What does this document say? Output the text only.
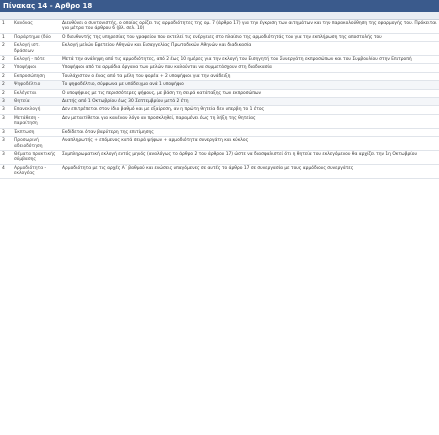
Πίνακας 14 - Αρθρο 18
1	Κανόνας	Διευθύνει ο συντονιστής, ο οποίος ορίζει τις αρμοδιότητες της ομ. 7 (άρθρο 17) για την έγκριση των αιτημάτων και την παρακολούθηση της εφαρμογής του. Πρόκειται για μέτρα του άρθρου 6 (βλ. σελ. 10)
1	Παράρτημα (δύο	Ο διευθυντής της υπηρεσίας του γραφείου που εκτελεί τις ενέργειες στο πλαίσιο της αρμοδιότητάς του για την εκπλήρωση της αποστολής του
2	Εκλογή ιστ. δράσεων	Εκλογή μελών Εφετείου Αθηνών και Εισαγγελίας Πρωτοδικών Αθηνών και διαδικασία
2	Εκλογή - πότε	Μετά την ανάληψη από τις αρμοδιότητες, από 2 έως 10 ημέρες για την εκλογή του Εισηγητή του Συνεργάτη εκπροσώπων και του Συμβουλίου στην Επιτροπή
2	Υποψήφιοι	Υποψήφιοι από τα αρμόδια όργανα των μελών που καλούνται να συμμετάσχουν στη διαδικασία
2	Εκπροσώπηση	Τουλάχιστον ο ένας από τα μέλη του φορέα + 2 υποψήφιοι για την ανάδειξη
2	Ψηφοδέλτιο	Το ψηφοδέλτιο, σύμφωνα με υπόδειγμα ανά 1 υποψήφιο
2	Εκλέγεται	Ο υποψήφιος με τις περισσότερες ψήφους, με βάση τη σειρά κατάταξης των εκπροσώπων
3	Θητεία	Διετής από 1 Οκτωβρίου έως 30 Σεπτεμβρίου μετά 2 έτη
3	Επανεκλογή	Δεν επιτρέπεται στον ίδιο βαθμό και με εξαίρεση, αν η πρώτη θητεία δεν υπερβη το 1 έτος
3	Μετάθεση - παραίτηση	Δεν μεταιτίθεται για κανέναν λόγο αν προσκληθεί, παραμένει έως τη λήξη της θητείας
3	Έκπτωση	Εκδίδεται όταν βαρύτερη της επιτίμησης
3	Προσωρινή αδειοδότηση	Αναπληρωτής + επόμενος κατά σειρά ψήφων + αρμοδιότητα συνεργάτη και κύκλος
3	Θέματα πρακτικής σύμβασης	Συμπληρωματική εκλογή εντός μηνός (αναλόγως το άρθρο 2 του άρθρου 17) ώστε να διασφαλιστεί ότι η θητεία του εκλεγόμενου θα αρχίζει την 1η Οκτωβρίου
4	Αρμοδιότητα - εκλογέας	Αρμοδιότητα με τις αρχές Α΄ βαθμού και ενώσεις υπαγόμενες σε αυτές το άρθρο 17 σε συνεργασία με τους αρμόδιους συνεργάτες
